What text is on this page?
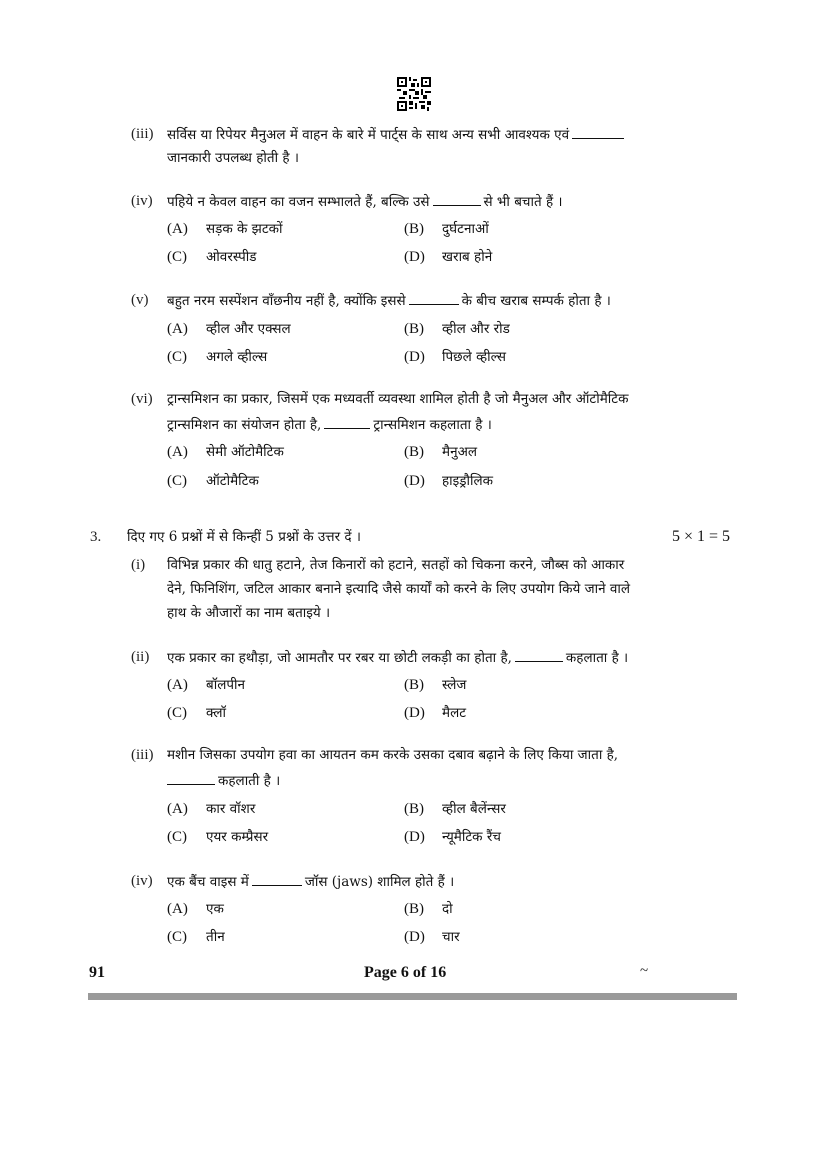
(iii) सर्विस या रिपेयर मैनुअल में वाहन के बारे में पार्ट्स के साथ अन्य सभी आवश्यक एवं
जानकारी उपलब्ध होती है ।
(iv) पहिये न केवल वाहन का वजन सम्भालते हैं, बल्कि उसे	से भी बचाते हैं ।
(A) सड़क के झटकों	(B) दुर्घटनाओं
(C) ओवरस्पीड	(D) खराब होने
(v) बहुत नरम सस्पेंशन वाँछनीय नहीं है, क्योंकि इससे	के बीच खराब सम्पर्क होता है ।
(A) व्हील और एक्सल	(B) व्हील और रोड
(C) अगले व्हील्स	(D) पिछले व्हील्स
(vi) ट्रान्समिशन का प्रकार, जिसमें एक मध्यवर्ती व्यवस्था शामिल होती है जो मैनुअल और ऑटोमैटिक
ट्रान्समिशन का संयोजन होता है,	ट्रान्समिशन कहलाता है ।
(A) सेमी ऑटोमैटिक	(B) मैनुअल
(C) ऑटोमैटिक	(D) हाइड्रौलिक
3. दिए गए 6 प्रश्नों में से किन्हीं 5 प्रश्नों के उत्तर दें ।	5 × 1 = 5
(i) विभिन्न प्रकार की धातु हटाने, तेज किनारों को हटाने, सतहों को चिकना करने, जौब्स को आकार
देने, फिनिशिंग, जटिल आकार बनाने इत्यादि जैसे कार्यों को करने के लिए उपयोग किये जाने वाले
हाथ के औजारों का नाम बताइये ।
(ii) एक प्रकार का हथौड़ा, जो आमतौर पर रबर या छोटी लकड़ी का होता है,	कहलाता है ।
(A) बॉलपीन	(B) स्लेज
(C) क्लॉ	(D) मैलट
(iii) मशीन जिसका उपयोग हवा का आयतन कम करके उसका दबाव बढ़ाने के लिए किया जाता है,
कहलाती है ।
(A) कार वॉशर	(B) व्हील बैलेंन्सर
(C) एयर कम्प्रैसर	(D) न्यूमैटिक रैंच
(iv) एक बैंच वाइस में	जॉस (jaws) शामिल होते हैं ।
(A) एक	(B) दो
(C) तीन	(D) चार
91	Page 6 of 16	~
